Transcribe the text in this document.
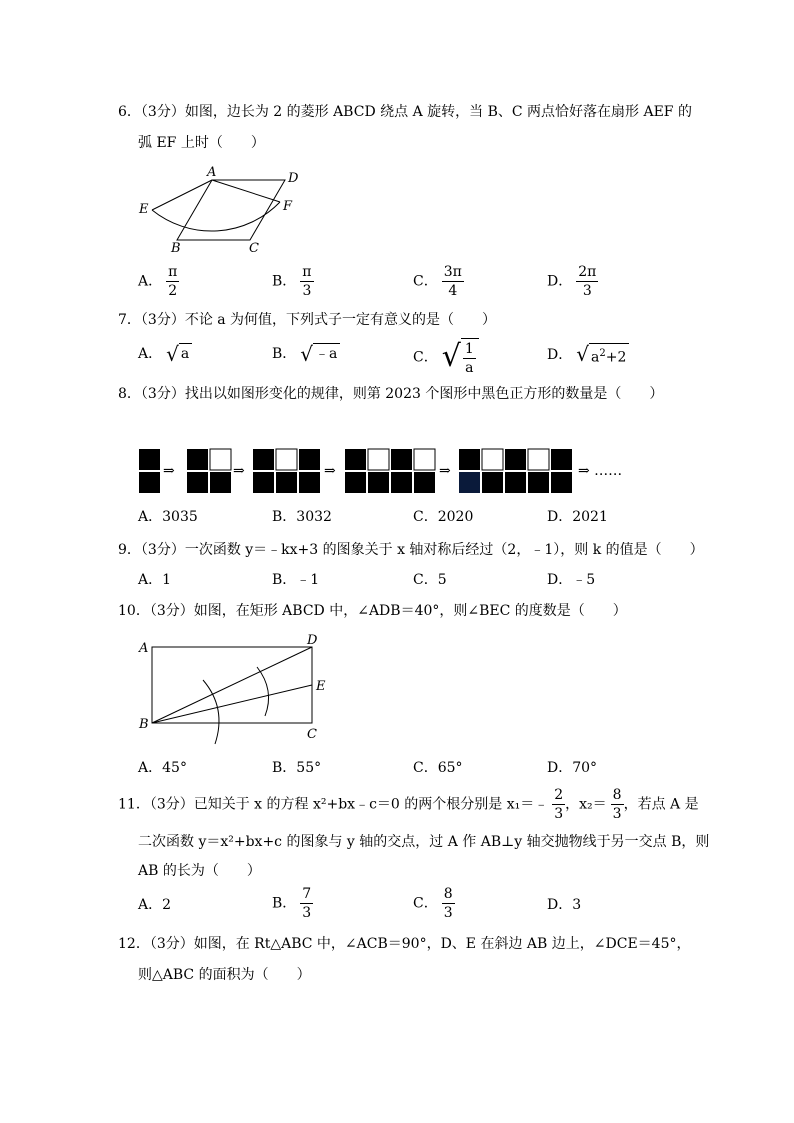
6．（3分）如图，边长为 2 的菱形 ABCD 绕点 A 旋转，当 B、C 两点恰好落在扇形 AEF 的
弧 EF 上时（　　）
A	D
E	F
B	C
A． $\frac{\pi}{2}$	B． $\frac{\pi}{3}$	C． $\frac{3\pi}{4}$	D． $\frac{2\pi}{3}$
7．（3分）不论 a 为何值，下列式子一定有意义的是（　　）
A． √ a	B． √ ﹣a	C． √ $\frac{1}{a}$	D． √ $a^2+2$
8．（3分）找出以如图形变化的规律，则第 2023 个图形中黑色正方形的数量是（　　）
⇒	⇒	⇒	⇒	⇒ ……
A．3035	B．3032	C．2020	D．2021
9．（3分）一次函数 y＝﹣kx+3 的图象关于 x 轴对称后经过（2，﹣1），则 k 的值是（　　）
A．1	B．﹣1	C．5	D．﹣5
10．（3分）如图，在矩形 ABCD 中，∠ADB＝40°，则∠BEC 的度数是（　　）
A
D
E
B
C
A．45°	B．55°	C．65°	D．70°
11．（3分）已知关于 x 的方程 x²+bx﹣c＝0 的两个根分别是 x₁＝﹣ $\frac{2}{3}$ ，$x_2= \frac{8}{3}$ ，若点 A 是
二次函数 y＝x²+bx+c 的图象与 y 轴的交点，过 A 作 AB⊥y 轴交抛物线于另一交点 B，则
AB 的长为（　　）
A．2	B． $\frac{7}{3}$	C． $\frac{8}{3}$	D．3
12．（3分）如图，在 Rt△ABC 中，∠ACB＝90°，D、E 在斜边 AB 边上，∠DCE＝45°，
则△ABC 的面积为（　　）
